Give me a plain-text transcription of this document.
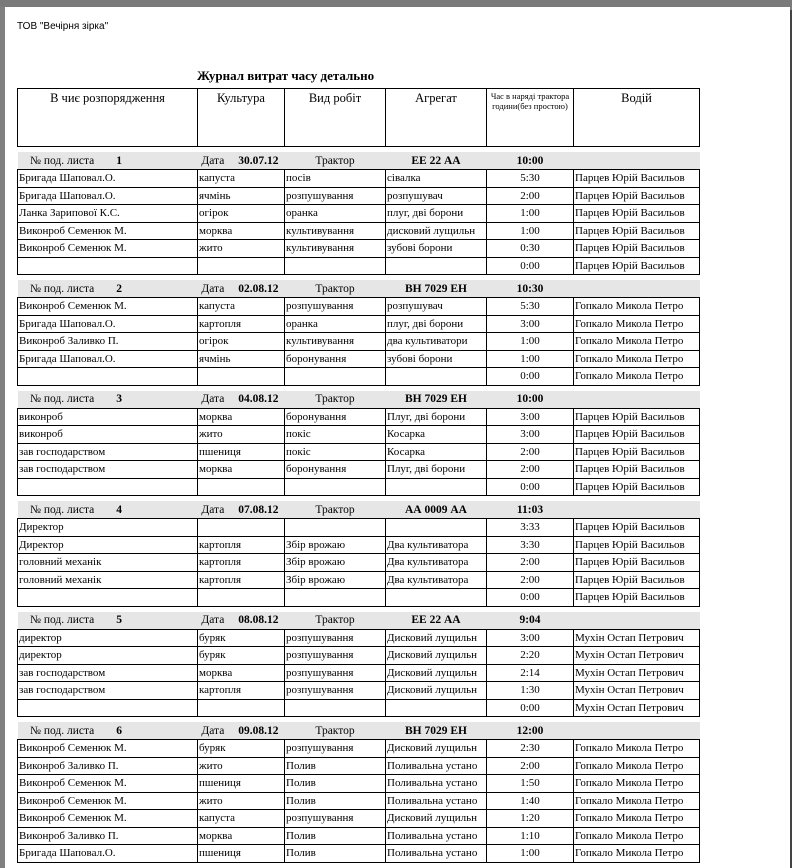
ТОВ "Вечірня зірка"
Журнал витрат часу детально
В чиє розпорядження	Культура	Вид робіт	Агрегат	Час в наряді трактора години(без простою)	Водій

№ под. листа 1	Дата 30.07.12	Трактор	ЕЕ 22 АА	10:00	
Бригада Шаповал.О.	капуста	посів	сівалка	5:30	Парцев Юрій Васильов
Бригада Шаповал.О.	ячмінь	розпушування	розпушувач	2:00	Парцев Юрій Васильов
Ланка Зарипової К.С.	огірок	оранка	плуг, дві борони	1:00	Парцев Юрій Васильов
Виконроб Семенюк М.	морква	культивування	дисковий лущильн	1:00	Парцев Юрій Васильов
Виконроб Семенюк М.	жито	культивування	зубові борони	0:30	Парцев Юрій Васильов
				0:00	Парцев Юрій Васильов

№ под. листа 2	Дата 02.08.12	Трактор	ВН 7029 ЕН	10:30	
Виконроб Семенюк М.	капуста	розпушування	розпушувач	5:30	Гопкало Микола Петро
Бригада Шаповал.О.	картопля	оранка	плуг, дві борони	3:00	Гопкало Микола Петро
Виконроб Заливко П.	огірок	культивування	два культиватори	1:00	Гопкало Микола Петро
Бригада Шаповал.О.	ячмінь	боронування	зубові борони	1:00	Гопкало Микола Петро
				0:00	Гопкало Микола Петро

№ под. листа 3	Дата 04.08.12	Трактор	ВН 7029 ЕН	10:00	
виконроб	морква	боронування	Плуг, дві борони	3:00	Парцев Юрій Васильов
виконроб	жито	покіс	Косарка	3:00	Парцев Юрій Васильов
зав господарством	пшениця	покіс	Косарка	2:00	Парцев Юрій Васильов
зав господарством	морква	боронування	Плуг, дві борони	2:00	Парцев Юрій Васильов
				0:00	Парцев Юрій Васильов

№ под. листа 4	Дата 07.08.12	Трактор	АА 0009 АА	11:03	
Директор				3:33	Парцев Юрій Васильов
Директор	картопля	Збір врожаю	Два культиватора	3:30	Парцев Юрій Васильов
головний механік	картопля	Збір врожаю	Два культиватора	2:00	Парцев Юрій Васильов
головний механік	картопля	Збір врожаю	Два культиватора	2:00	Парцев Юрій Васильов
				0:00	Парцев Юрій Васильов

№ под. листа 5	Дата 08.08.12	Трактор	ЕЕ 22 АА	9:04	
директор	буряк	розпушування	Дисковий лущильн	3:00	Мухін Остап Петрович
директор	буряк	розпушування	Дисковий лущильн	2:20	Мухін Остап Петрович
зав господарством	морква	розпушування	Дисковий лущильн	2:14	Мухін Остап Петрович
зав господарством	картопля	розпушування	Дисковий лущильн	1:30	Мухін Остап Петрович
				0:00	Мухін Остап Петрович

№ под. листа 6	Дата 09.08.12	Трактор	ВН 7029 ЕН	12:00	
Виконроб Семенюк М.	буряк	розпушування	Дисковий лущильн	2:30	Гопкало Микола Петро
Виконроб Заливко П.	жито	Полив	Поливальна устано	2:00	Гопкало Микола Петро
Виконроб Семенюк М.	пшениця	Полив	Поливальна устано	1:50	Гопкало Микола Петро
Виконроб Семенюк М.	жито	Полив	Поливальна устано	1:40	Гопкало Микола Петро
Виконроб Семенюк М.	капуста	розпушування	Дисковий лущильн	1:20	Гопкало Микола Петро
Виконроб Заливко П.	морква	Полив	Поливальна устано	1:10	Гопкало Микола Петро
Бригада Шаповал.О.	пшениця	Полив	Поливальна устано	1:00	Гопкало Микола Петро
